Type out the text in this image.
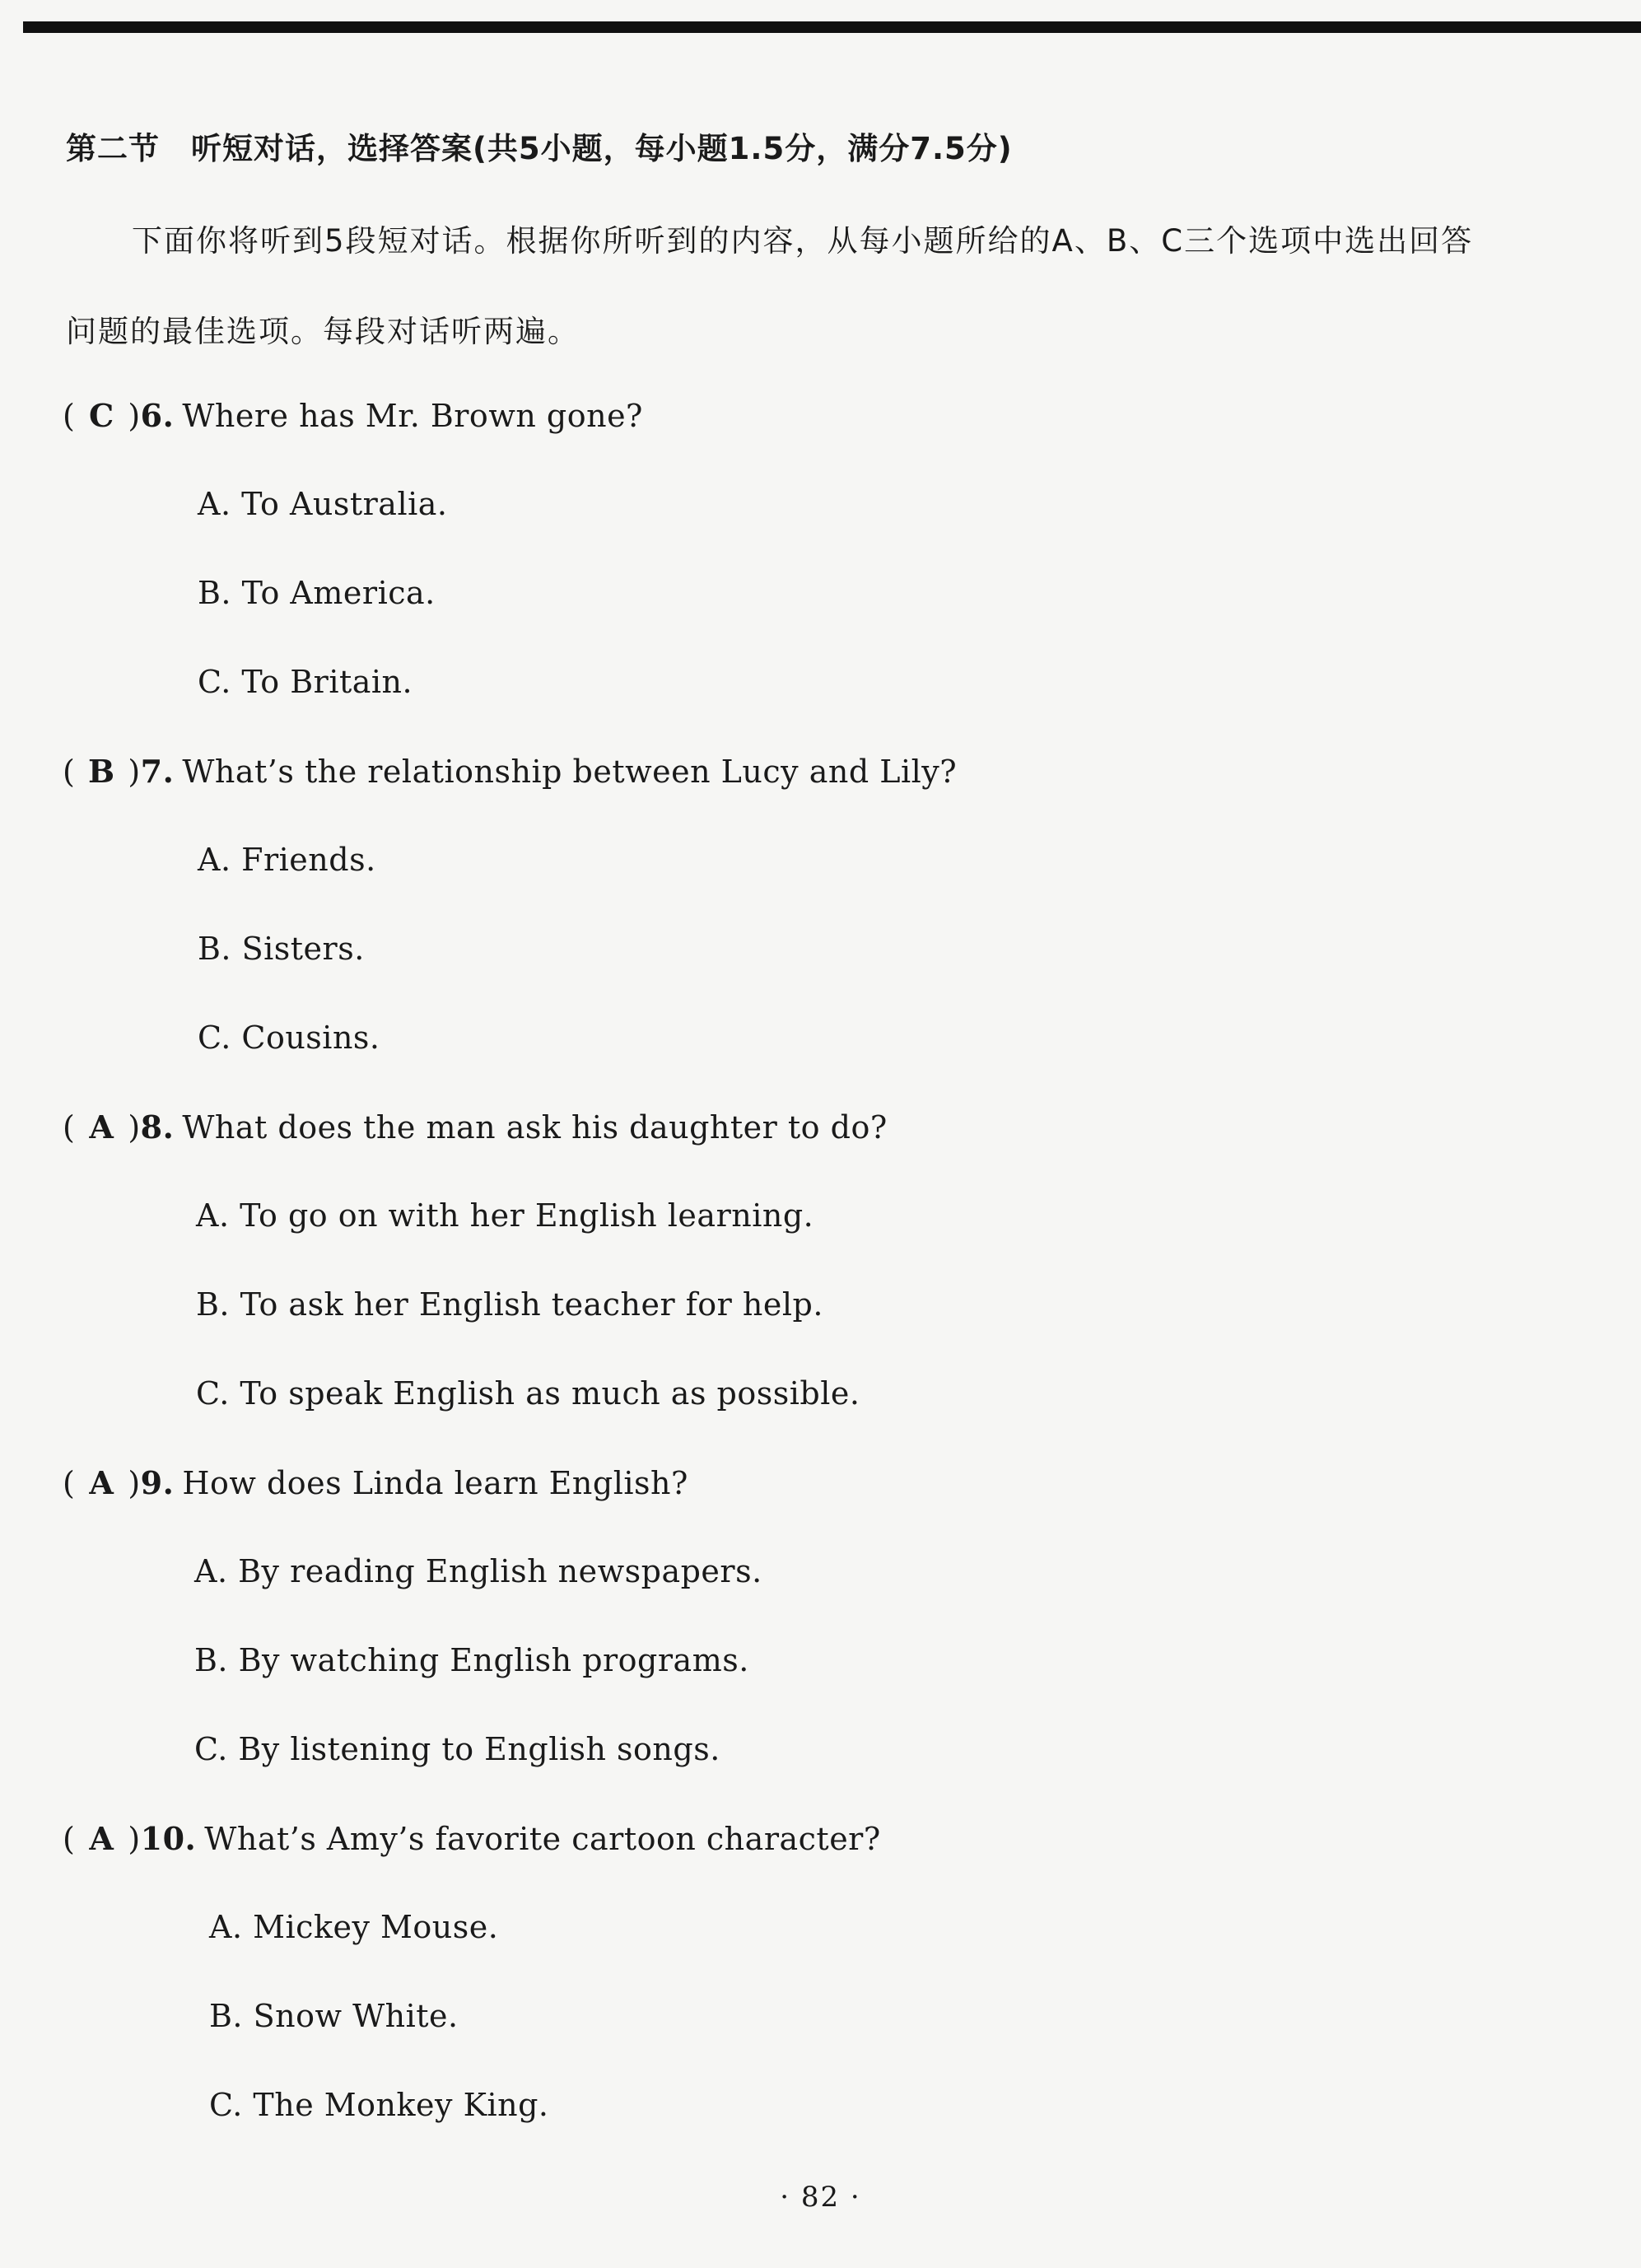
第二节　听短对话，选择答案(共5小题，每小题1.5分，满分7.5分)
下面你将听到5段短对话。根据你所听到的内容，从每小题所给的A、B、C三个选项中选出回答
问题的最佳选项。每段对话听两遍。
( C )6. Where has Mr. Brown gone?
A. To Australia.
B. To America.
C. To Britain.
( B )7. What’s the relationship between Lucy and Lily?
A. Friends.
B. Sisters.
C. Cousins.
( A )8. What does the man ask his daughter to do?
A. To go on with her English learning.
B. To ask her English teacher for help.
C. To speak English as much as possible.
( A )9. How does Linda learn English?
A. By reading English newspapers.
B. By watching English programs.
C. By listening to English songs.
( A )10. What’s Amy’s favorite cartoon character?
A. Mickey Mouse.
B. Snow White.
C. The Monkey King.
· 82 ·
